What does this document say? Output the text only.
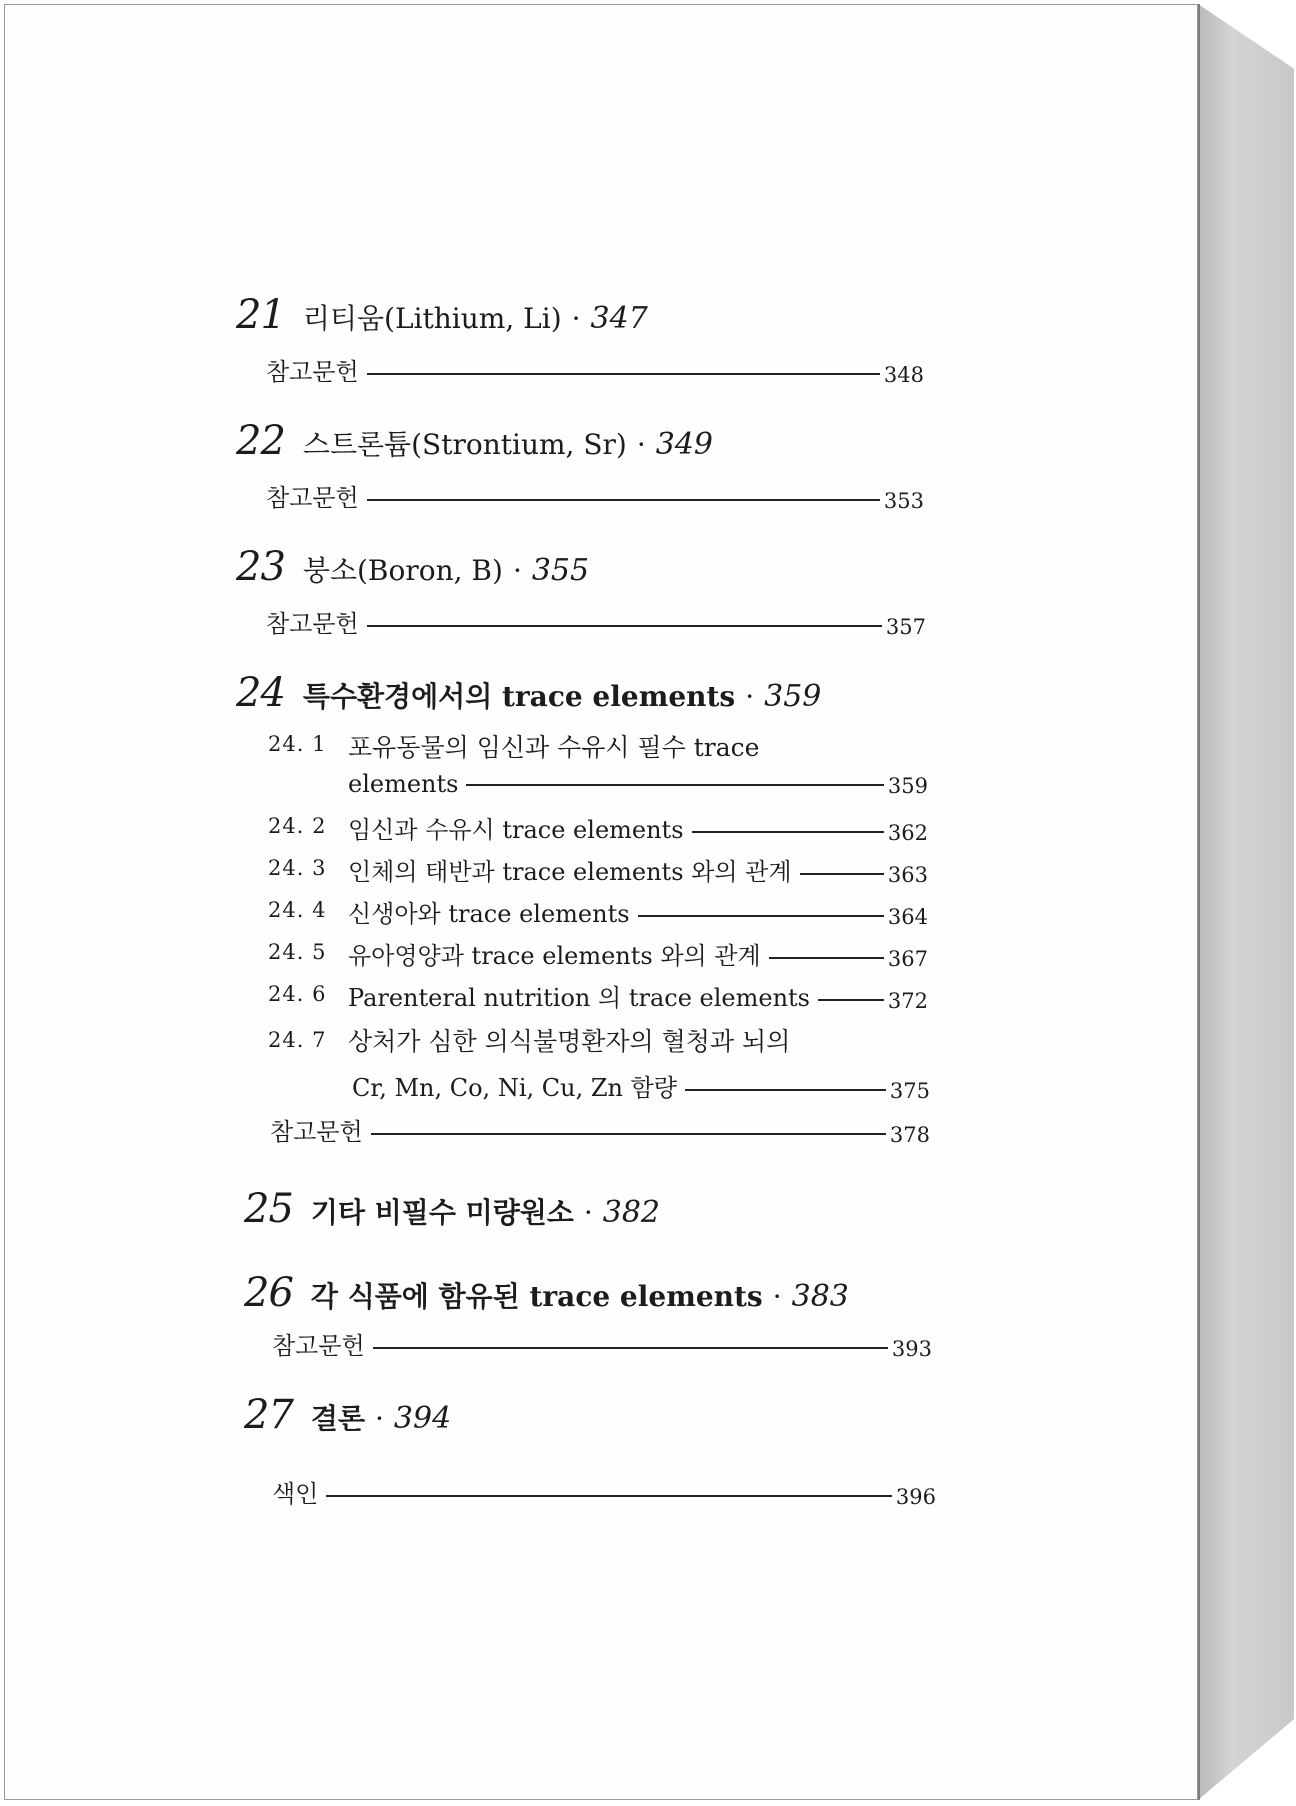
21 리티움(Lithium, Li) · 347
참고문헌	348
22 스트론튬(Strontium, Sr) · 349
참고문헌	353
23 붕소(Boron, B) · 355
참고문헌	357
24 특수환경에서의 trace elements · 359
24. 1 포유동물의 임신과 수유시 필수 trace
elements	359
24. 2 임신과 수유시 trace elements	362
24. 3 인체의 태반과 trace elements 와의 관계	363
24. 4 신생아와 trace elements	364
24. 5 유아영양과 trace elements 와의 관계	367
24. 6 Parenteral nutrition 의 trace elements	372
24. 7 상처가 심한 의식불명환자의 혈청과 뇌의
Cr, Mn, Co, Ni, Cu, Zn 함량	375
참고문헌	378
25 기타 비필수 미량원소 · 382
26 각 식품에 함유된 trace elements · 383
참고문헌	393
27 결론 · 394
색인	396
